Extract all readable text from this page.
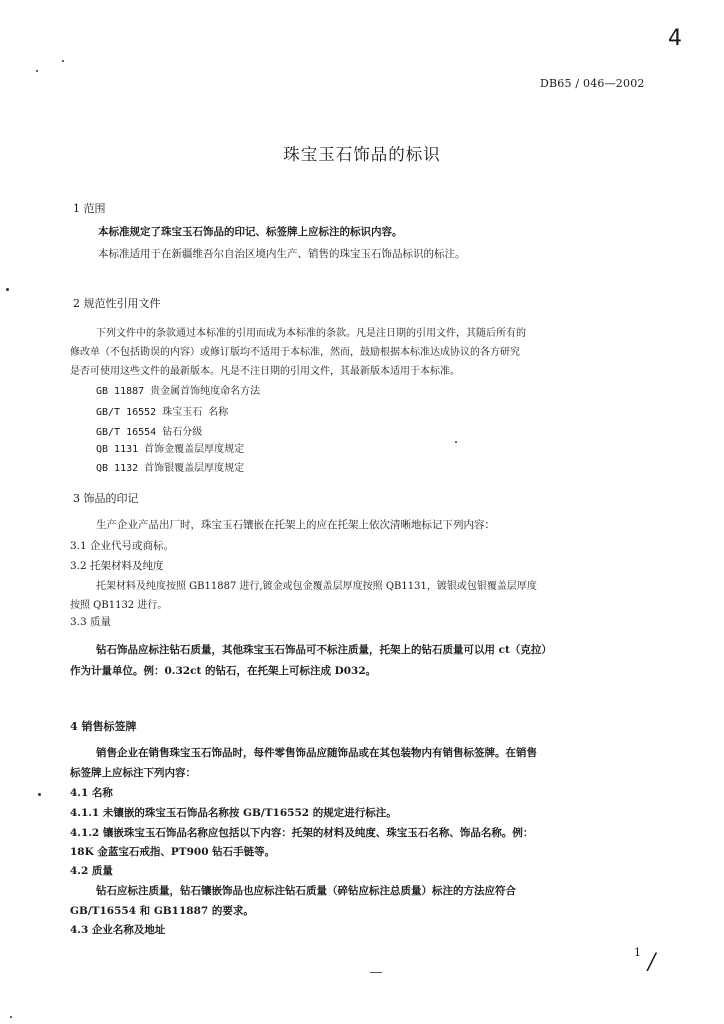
4
DB65 / 046—2002
珠宝玉石饰品的标识
1 范围
本标准规定了珠宝玉石饰品的印记、标签牌上应标注的标识内容。
本标准适用于在新疆维吾尔自治区境内生产、销售的珠宝玉石饰品标识的标注。
2 规范性引用文件
下列文件中的条款通过本标准的引用而成为本标准的条款。凡是注日期的引用文件，其随后所有的
修改单（不包括勘误的内容）或修订版均不适用于本标准，然而，鼓励根据本标准达成协议的各方研究
是否可使用这些文件的最新版本。凡是不注日期的引用文件，其最新版本适用于本标准。
GB 11887 贵金属首饰纯度命名方法
GB/T 16552 珠宝玉石 名称
GB/T 16554 钻石分级
QB 1131 首饰金覆盖层厚度规定
QB 1132 首饰银覆盖层厚度规定
3 饰品的印记
生产企业产品出厂时，珠宝玉石镶嵌在托架上的应在托架上依次清晰地标记下列内容：
3.1 企业代号或商标。
3.2 托架材料及纯度
托架材料及纯度按照 GB11887 进行,镀金或包金覆盖层厚度按照 QB1131，镀银或包银覆盖层厚度
按照 QB1132 进行。
3.3 质量
钻石饰品应标注钻石质量，其他珠宝玉石饰品可不标注质量，托架上的钻石质量可以用 ct（克拉）
作为计量单位。例：0.32ct 的钻石，在托架上可标注成 D032。
4 销售标签牌
销售企业在销售珠宝玉石饰品时，每件零售饰品应随饰品或在其包装物内有销售标签牌。在销售
标签牌上应标注下列内容：
4.1 名称
4.1.1 未镶嵌的珠宝玉石饰品名称按 GB/T16552 的规定进行标注。
4.1.2 镶嵌珠宝玉石饰品名称应包括以下内容：托架的材料及纯度、珠宝玉石名称、饰品名称。例：
18K 金蓝宝石戒指、PT900 钻石手链等。
4.2 质量
钻石应标注质量，钻石镶嵌饰品也应标注钻石质量（碎钻应标注总质量）标注的方法应符合
GB/T16554 和 GB11887 的要求。
4.3 企业名称及地址
1 /
